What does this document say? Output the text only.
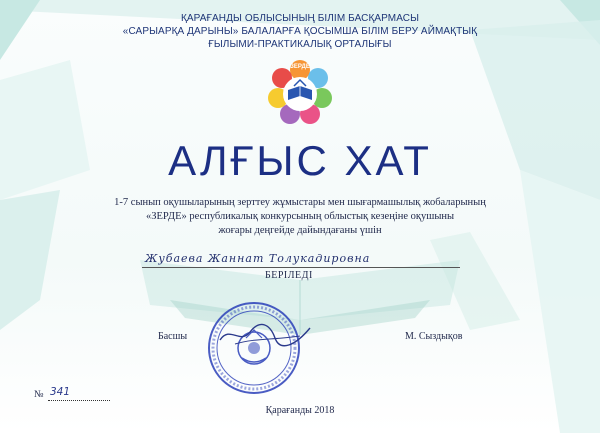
ҚАРАҒАНДЫ ОБЛЫСЫНЫҢ БІЛІМ БАСҚАРМАСЫ
«САРЫАРҚА ДАРЫНЫ» БАЛАЛАРҒА ҚОСЫМША БІЛІМ БЕРУ АЙМАҚТЫҚ
ҒЫЛЫМИ-ПРАКТИКАЛЫҚ ОРТАЛЫҒЫ
ЗЕРДЕ
АЛҒЫС ХАТ
1-7 сынып оқушыларының зерттеу жұмыстары мен шығармашылық жобаларының
«ЗЕРДЕ» республикалық конкурсының облыстық кезеңіне оқушыны
жоғары деңгейде дайындағаны үшін
Жубаева Жаннат Толукадировна
БЕРІЛЕДІ
Басшы	М. Сыздықов
№ 341
Қарағанды 2018
